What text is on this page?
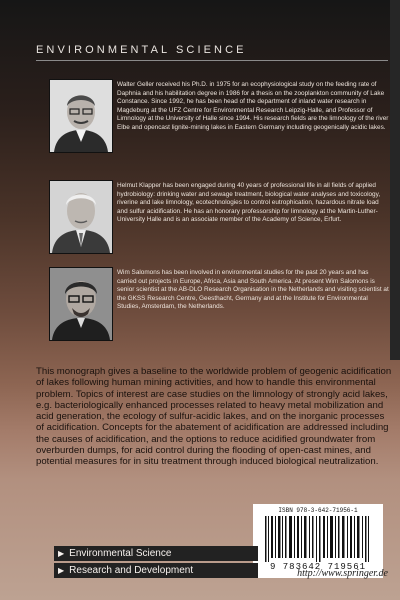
ENVIRONMENTAL SCIENCE
Walter Geller received his Ph.D. in 1975 for an ecophysiological study on the feeding rate of Daphnia and his habilitation degree in 1986 for a thesis on the zooplankton community of Lake Constance. Since 1992, he has been head of the department of inland water research in Magdeburg at the UFZ Centre for Environmental Research Leipzig-Halle, and Professor of Limnology at the University of Halle since 1994. His research fields are the limnology of the river Elbe and opencast lignite-mining lakes in Eastern Germany including geogenically acidic lakes.
Helmut Klapper has been engaged during 40 years of professional life in all fields of applied hydrobiology: drinking water and sewage treatment, biological water analyses and toxicology, riverine and lake limnology, ecotechnologies to control eutrophication, hazardous nitrate load and sulfur acidification. He has an honorary professorship for limnology at the Martin-Luther-University Halle and is an associate member of the Academy of Science, Erfurt.
Wim Salomons has been involved in environmental studies for the past 20 years and has carried out projects in Europe, Africa, Asia and South America. At present Wim Salomons is senior scientist at the AB-DLO Research Organisation in the Netherlands and visiting scientist at the GKSS Research Centre, Geesthacht, Germany and at the Institute for Environmental Studies, Amsterdam, the Netherlands.
This monograph gives a baseline to the worldwide problem of geogenic acidification of lakes following human mining activities, and how to handle this environmental problem. Topics of interest are case studies on the limnology of strongly acid lakes, e.g. bacteriologically enhanced processes related to heavy metal mobilization and acid generation, the ecology of sulfur-acidic lakes, and on the inorganic processes of acidification. Concepts for the abatement of acidification are addressed including the causes of acidification, and the options to reduce acidified groundwater from overburden dumps, for acid control during the flooding of open-cast mines, and potential measures for in situ treatment through induced biological neutralization.
ISBN 978-3-642-71956-1
9 783642 719561
▶ Environmental Science
▶ Research and Development	http://www.springer.de
